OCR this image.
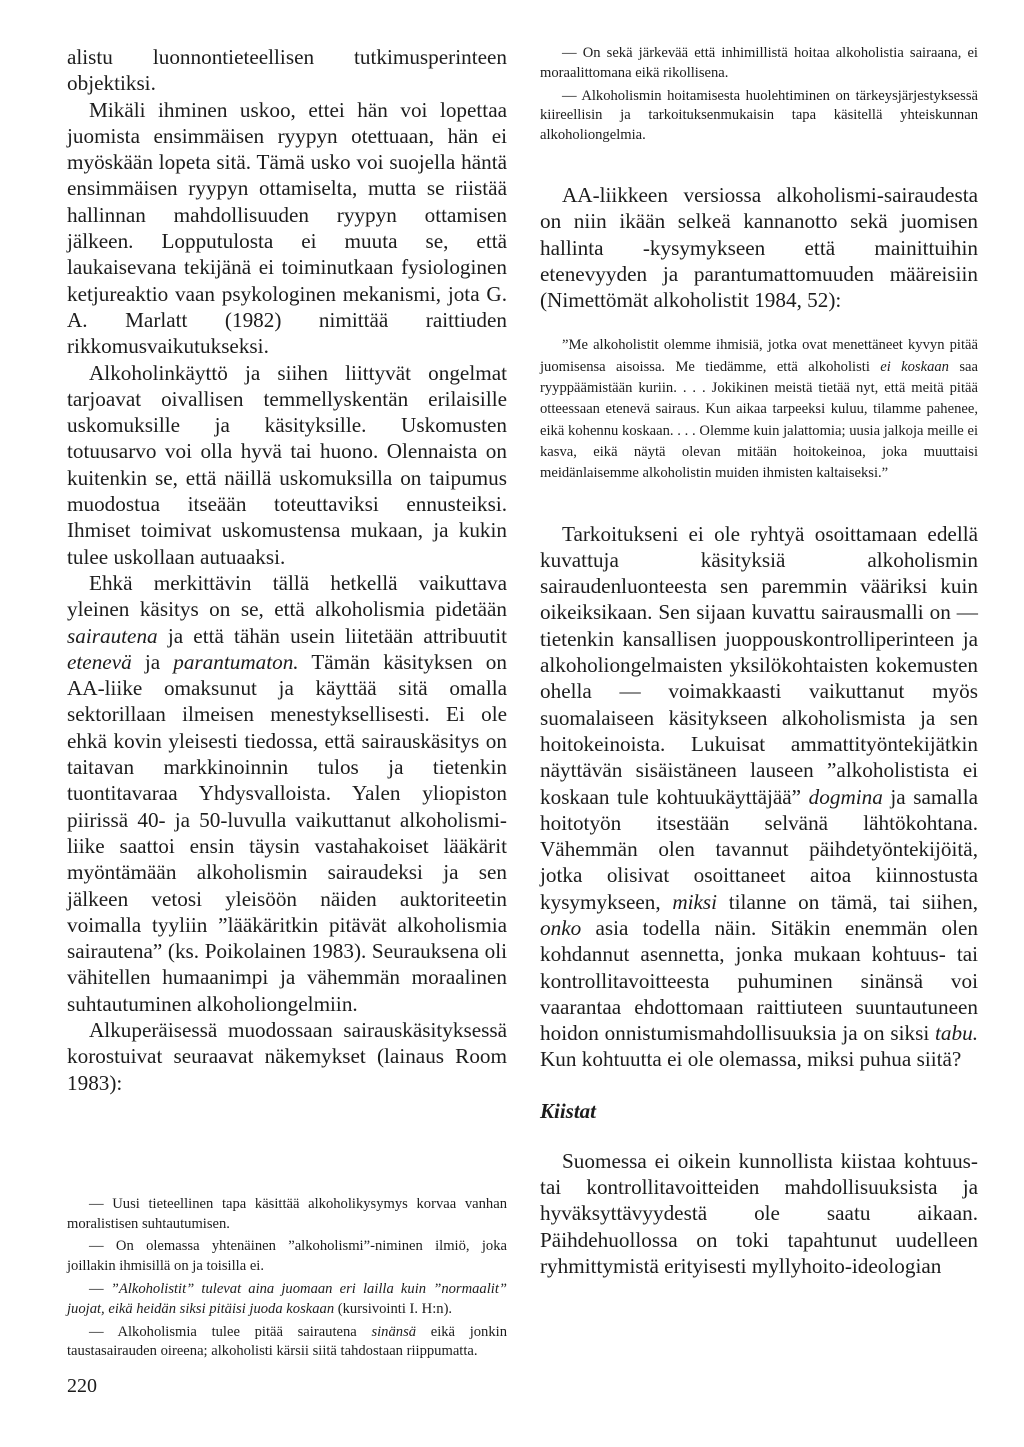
alistu luonnontieteellisen tutkimusperinteen objektiksi.

Mikäli ihminen uskoo, ettei hän voi lopettaa juomista ensimmäisen ryypyn otettuaan, hän ei myöskään lopeta sitä. Tämä usko voi suojella häntä ensimmäisen ryypyn ottamiselta, mutta se riistää hallinnan mahdollisuuden ryypyn ottamisen jälkeen. Lopputulosta ei muuta se, että laukaisevana tekijänä ei toiminutkaan fysiologinen ketjureaktio vaan psykologinen mekanismi, jota G. A. Marlatt (1982) nimittää raittiuden rikkomusvaikutukseksi.

Alkoholinkäyttö ja siihen liittyvät ongelmat tarjoavat oivallisen temmellyskentän erilaisille uskomuksille ja käsityksille. Uskomusten totuusarvo voi olla hyvä tai huono. Olennaista on kuitenkin se, että näillä uskomuksilla on taipumus muodostua itseään toteuttaviksi ennusteiksi. Ihmiset toimivat uskomustensa mukaan, ja kukin tulee uskollaan autuaaksi.

Ehkä merkittävin tällä hetkellä vaikuttava yleinen käsitys on se, että alkoholismia pidetään sairautena ja että tähän usein liitetään attribuutit etenevä ja parantumaton. Tämän käsityksen on AA-liike omaksunut ja käyttää sitä omalla sektorillaan ilmeisen menestyksellisesti. Ei ole ehkä kovin yleisesti tiedossa, että sairauskäsitys on taitavan markkinoinnin tulos ja tietenkin tuontitavaraa Yhdysvalloista. Yalen yliopiston piirissä 40- ja 50-luvulla vaikuttanut alkoholismi-liike saattoi ensin täysin vastahakoiset lääkärit myöntämään alkoholismin sairaudeksi ja sen jälkeen vetosi yleisöön näiden auktoriteetin voimalla tyyliin ”lääkäritkin pitävät alkoholismia sairautena” (ks. Poikolainen 1983). Seurauksena oli vähitellen humaanimpi ja vähemmän moraalinen suhtautuminen alkoholiongelmiin.

Alkuperäisessä muodossaan sairauskäsityksessä korostuivat seuraavat näkemykset (lainaus Room 1983):

— Uusi tieteellinen tapa käsittää alkoholikysymys korvaa vanhan moralistisen suhtautumisen.

— On olemassa yhtenäinen ”alkoholismi”-niminen ilmiö, joka joillakin ihmisillä on ja toisilla ei.

— ”Alkoholistit” tulevat aina juomaan eri lailla kuin ”normaalit” juojat, eikä heidän siksi pitäisi juoda koskaan (kursivointi I. H:n).

— Alkoholismia tulee pitää sairautena sinänsä eikä jonkin taustasairauden oireena; alkoholisti kärsii siitä tahdostaan riippumatta.

— On sekä järkevää että inhimillistä hoitaa alkoholistia sairaana, ei moraalittomana eikä rikollisena.

— Alkoholismin hoitamisesta huolehtiminen on tärkeysjärjestyksessä kiireellisin ja tarkoituksenmukaisin tapa käsitellä yhteiskunnan alkoholiongelmia.

AA-liikkeen versiossa alkoholismi-sairaudesta on niin ikään selkeä kannanotto sekä juomisen hallinta -kysymykseen että mainittuihin etenevyyden ja parantumattomuuden määreisiin (Nimettömät alkoholistit 1984, 52):

”Me alkoholistit olemme ihmisiä, jotka ovat menettäneet kyvyn pitää juomisensa aisoissa. Me tiedämme, että alkoholisti ei koskaan saa ryyppäämistään kuriin. . . . Jokikinen meistä tietää nyt, että meitä pitää otteessaan etenevä sairaus. Kun aikaa tarpeeksi kuluu, tilamme pahenee, eikä kohennu koskaan. . . . Olemme kuin jalattomia; uusia jalkoja meille ei kasva, eikä näytä olevan mitään hoitokeinoa, joka muuttaisi meidänlaisemme alkoholistin muiden ihmisten kaltaiseksi.”

Tarkoitukseni ei ole ryhtyä osoittamaan edellä kuvattuja käsityksiä alkoholismin sairaudenluonteesta sen paremmin vääriksi kuin oikeiksikaan. Sen sijaan kuvattu sairausmalli on — tietenkin kansallisen juoppouskontrolliperinteen ja alkoholiongelmaisten yksilökohtaisten kokemusten ohella — voimakkaasti vaikuttanut myös suomalaiseen käsitykseen alkoholismista ja sen hoitokeinoista. Lukuisat ammattityöntekijätkin näyttävän sisäistäneen lauseen ”alkoholistista ei koskaan tule kohtuukäyttäjää” dogmina ja samalla hoitotyön itsestään selvänä lähtökohtana. Vähemmän olen tavannut päihdetyöntekijöitä, jotka olisivat osoittaneet aitoa kiinnostusta kysymykseen, miksi tilanne on tämä, tai siihen, onko asia todella näin. Sitäkin enemmän olen kohdannut asennetta, jonka mukaan kohtuus- tai kontrollitavoitteesta puhuminen sinänsä voi vaarantaa ehdottomaan raittiuteen suuntautuneen hoidon onnistumismahdollisuuksia ja on siksi tabu. Kun kohtuutta ei ole olemassa, miksi puhua siitä?

Kiistat

Suomessa ei oikein kunnollista kiistaa kohtuus- tai kontrollitavoitteiden mahdollisuuksista ja hyväksyttävyydestä ole saatu aikaan. Päihdehuollossa on toki tapahtunut uudelleen ryhmittymistä erityisesti myllyhoito-ideologian

220
